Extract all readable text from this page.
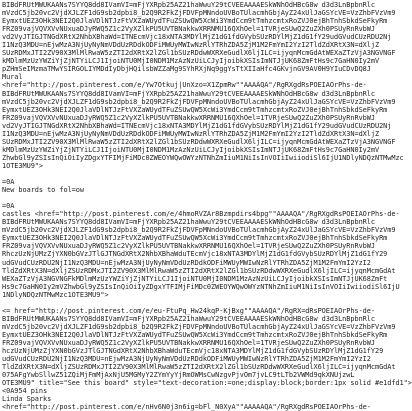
BIBdFRUtMWUKAANs7SYYQ8dd8IVamVI=mFjYXRpb25AZ21haWwuY29tCVEEAAAAESkWNhOdHBcG8w d3d3LnBpbnRlc
mVzdC5jb20vc2VjdXJLZF1dG9sb2dpbi8_b2Q9R2FkZjFDVFpMNndoUVBoTUlacmhGbjAyZ24xUlJaGSYcVE=VzZhbFVzVm9
EymxtUEZ3OHk3NEI2Q0JlaVDlNTJzFtVXZaWUydTFuZSUwQW5XcWi3YmdCcm9tTmhzcmtxRoZVJ0ejBhTnhSbkdSeFkyRm
FRZ09vajVQVXVvNUxuaDJyRWQ5Z1c2VyXZlkPU5UVTBNakkwXRRNMU16QXhOel=1TVRjeSUwQ2ZuZXh0PSUyRnRvbWJ
vd2VyJTIGJTNGdXRtX2NhbXBhaWd=ITNEcmVjc18xNTA3MDYlMjZ1dG1fdGVybSUzRDYlMjZ1dG1fY29udGVudCUzRDU2Nj
I1NzQ3MDU=nEjwMzA3NjUyNyNmVDdUzRDdkODFiMWUyMWIwNzRlYTRhZDA5ZjM1M2FmYmI2YzI2TldZdXRtX3N=dXljZ
SUzRDMxJTI2ZV90X3MlMlRwaW5zZTI2dXRtX2lZGl1bSUzRDdwWXRXeGudlX6ljILC=ijyqnMcmGdAtWEXaZTzVjA3NGVNGF
kMDlmMzUzYWZiYjZjNTYiLCJ1IjoiNTU0MjI0NDM1MzAzNzUiLCJyIjoibkXSIsImNTJjUK68ZmFtHs9c7GaHN0Iy2mV
pZHmSeIMzmaTMwYSIRGOLIYMDdIyDbjHQilsbWZZaMg9SYhRXjNq9ggYsTtXIIaHfc4GKvjnGV9AV0H9YIuCDvDQ8J
Mural
<href="http://post.pinterest.com/e/Yw7Otkuj|UnXzo=X1ZpmRw""AAAAQA"/RgRXgdRsPOEIAOrPhs-de-
BIBdFRUtMWUKAANs7SYYQ8dd8IVamVI=mFjYXRpb25AZ21haWwuY29tCVEEAAAAESkWNhOdHBcG8w d3d3LnBpbnRlc
mVzdC5jb20vc2VjdXJLZF1dG9sb2dpbi8_b2Q9R2FkZjFDVFpMNndoUVBoTUlacmhGbjAyZ24xUlJaGSYcVE=VzZhbFVzVm9
EymxtUEZ3OHk3NEI2Q0JlaVDlNTJzFtVXZaWUydTFuZSUwQW5XcWi3YmdCcm9tTmhzcmtxRoZVJ0ejBhTnhSbkdSeFkyRm
FRZ09vajVQVXVvNUxuaDJyRWQ5Z1c2VyXZlkPU5UVTBNakkwXRRNMU16QXhOel=1TVRjeSUwQ2ZuZXh0PSUyRnRvbWJ
vd2VyJTIGJTNGdXRtX2NhbXBhaWd=ITNEcmVjc18xNTA3MDYlMjZ1dG1fdGVybSUzRDYlMjZ1dG1fY29udGVudCUzRDU2Nj
I1NzQ3MDU=nEjwMzA3NjUyNyNmVDdUzRDdkODFiMWUyMWIwNzRlYTRhZDA5ZjM1M2FmYmI2YzI2TldZdXRtX3N=dXljZ
SUzRDMxJTI2ZV90X3MlMlRwaW5zZTI2dXRtX2lZGl1bSUzRDdwWXRXeGudlX6ljILC=ijyqnMcmGdAtWEXaZTzVjA3NGVNGF
kMDlmMzUzYWZiYjZjNTYiLCJ1IjoiNTU0MjI0NDM1MzAzNzUiLCJyIjoibkXSIsImNTJjUK68ZmFtHs9c7GaHN0Iy2mV
ZhwbGl9yZSIsInQiOiIyZDgxYTFIMjFiMDc0ZWEOYWQwOWYzNTNhZmIiuM1NiIsInVOIiIwiiodiSl6IjU1NDlyNDQzNTMwMzc
1OTE3MU9">
=0A
New boards to fol=ow
=0A
castles <href="http://post.pinterest.com/e/4hmoRVZAr8Bzmpdirs4bpg""AAAAQA"/RgRXgdRsPOEIAOrPhs-de-
BIBdFRUtMWUKAANs7SYYQ8dd8IVamVI=mFjYXRpb25AZ21haWwuY29tCVEEAAAAESkWNhOdHBcG8w d3d3LnBpbnRlc
mVzdC5jb20vc2VjdXJLZF1dG9sb2dpbi8_b2Q9R2FkZjFDVFpMNndoUVBoTUlacmhGbjAyZ24xUlJaGSYcVE=VzZhbFVzVm9
EymxtUEZ3OHk3NEI2Q0JlaVDlNTJzFtVXZaWUydTFuZSUwQW5XcWi3YmdCcm9tTmhzcmtxRoZVJ0ejBhTnhSbkdSeFkyRm
FRZ09vajVQVXVvNUxuaDJyRWQ5Z1c2VyXZlkPU5UVTBNakkwXRRNMU16QXhOel=1TVRjeSUwQ2ZuZXh0PSUyRnRvbWJ
RhczUzNjUMzZjYXN0bGVzJTlGJTNGdXRtX2NhbXBhaWduTEcmVjc18xNTA3MDYlMjZ1dG1fdGVybSUzRDYlMjZ1dG1fY29
udGVudCUzRDU2NjI1NzQ3MDU=nEjwMzA3NjUyNyNmVDdUzRDdkODFiMWUyMWIwNzRlYTRhZDA5ZjM1M2FmYmI2YzI2
TldZdXRtX3N=dXljZSUzRDMxJTI2ZV90X3MlMlRwaW5zZTI2dXRtX2lZGl1bSUzRDdwWXRXeGudlX6ljILC=ijyqnMcmGdAt
WEXaZTzVjA3NGVNGFkMDlmMzUzYWZiYjZjNTYiLCJ1IjoiNTU0MjI0NDM1MzAzNzUiLCJyIjoibkXSIsImNTJjUK68ZmFt
Hs9c7GaHN0Iy2mVZhwbGl9yZSIsInQiOiIyZDgxYTFIMjFiMDc0ZWEOYWQwOWYzNTNhZmIiuM1NiIsInVOIiIwiiodiSl6IjU
1NDlyNDQzNTMwMzc1OTE3MU9">
<= href="http://post.pinterest.com/e/eu-FtuPq_Hw24kqP-KjBxg""AAAAQA"/RgRX=dRsPOEIAOrPhs-de-
BIBdFRUtMWUKAANs7SYYQ8dd8IVamVI=mFjYXRpb25AZ21haWwuY29tCVEEAAAAESkWNhOdHBcG8w d3d3LnBpbnRlc
mVzdC5jb20vc2VjdXJLZF1dG9sb2dpbi8_b2Q9R2FkZjFDVFpMNndoUVBoTUlacmhGbjAyZ24xUlJaGSYcVE=VzZhbFVzVm9
EymxtUEZ3OHk3NEI2Q0JlaVDlNTJzFtVXZaWUydTFuZSUwQW5XcWi3YmdCcm9tTmhzcmtxRoZVJ0ejBhTnhSbkdSeFkyRm
FRZ09vajVQVXVvNUxuaDJyRWQ5Z1c2VyXZlkPU5UVTBNakkwXRRNMU16QXhOel=1TVRjeSUwQ2ZuZXh0PSUyRnRvbWJ
hczUzNjUMzZjYXN0bGVzJTlGJTNGdXRtX2NhbXBhaWduTEcmVjc18xNTA3MDYlMjZ1dG1fdGVybSUzRDYlMjZ1dG1fY29
udGVudCUzRDU2NjI1NzQ3MDU=nEjwMzA3NjUyNyNmVDdUzRDdkODFiMWUyMWIwNzRlYTRhZDA5ZjM1M2FmYmI2YzI2
TldZdXRtX3N=dXljZSUzRDMxJTI2ZV90X3MlMlRwaW5zZTI2dXRtX2lZGl1bSUzRDdwWXRXeGudlX6ljILC=ijyqnMcmGdAt
075AFgYwbSllwZ51ZQiMjFmMjAxNjU5MGMyY2ZYmYyYjRmOWMsCwNzgvPjvOm7jvLC9tLTb2VWMd9qkXNUjzwL
OTE3MU9" title="See this board" style="text-decoration:=one;display:block;border:1px solid #e1dfd1">
<0A954 pins
Linda Sparks
<href="http://post.pinterest.com/e/nHv6N0j3n6ig=bFl_N0XyA""AAAAAQA"/RgRXgdRsPOEIAOrPhs-de-
